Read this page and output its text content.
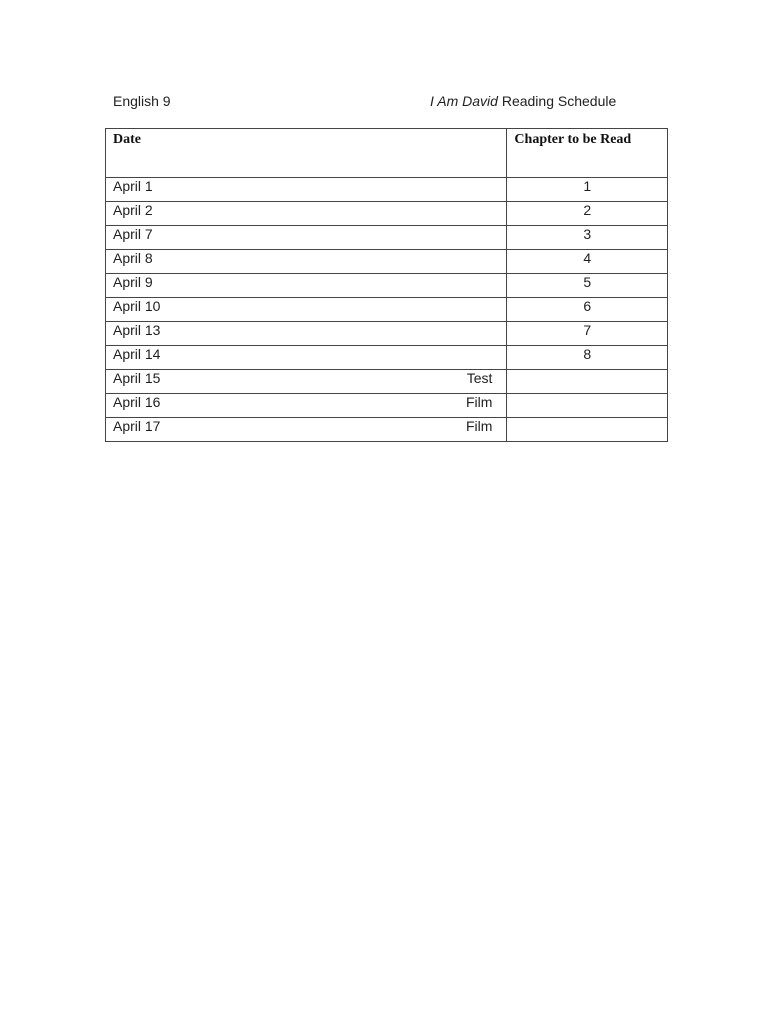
English 9	I Am David Reading Schedule
Date	Chapter to be Read

April 1	1

April 2	2

April 7	3

April 8	4

April 9	5

April 10	6

April 13	7

April 14	8

April 15 Test	

April 16 Film	

April 17 Film	
